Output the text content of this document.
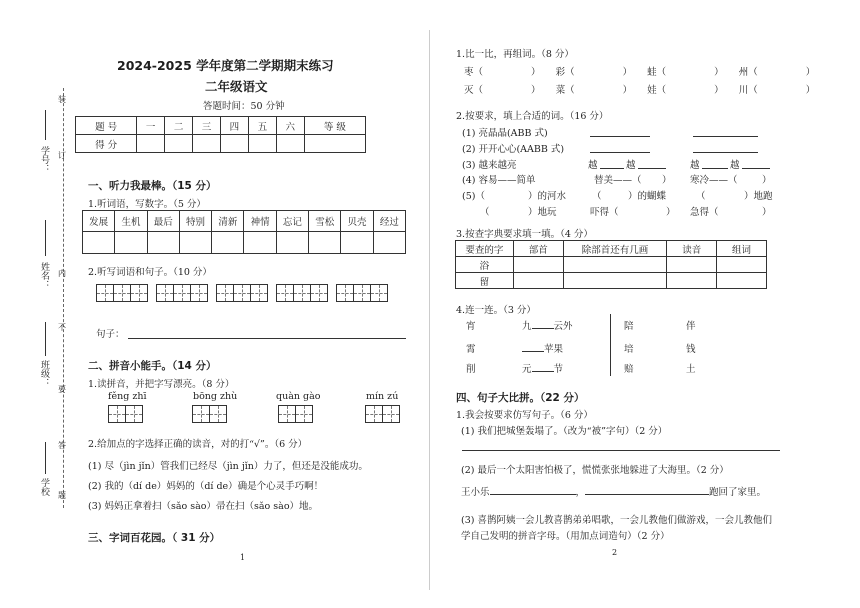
装
订
内
不
要
答
题
学号：
姓名：
班级：
学校
2024-2025 学年度第二学期期末练习
二年级语文
答题时间：50 分钟
题 号	一	二	三	四	五	六	等 级
得 分							
一、听力我最棒。（15 分）
1.听词语，写数字。（5 分）
发展	生机	最后	特别	清新	神情	忘记	雪松	贝壳	经过

2.听写词语和句子。（10 分）
句子：
二、拼音小能手。（14 分）
1.读拼音，并把字写漂亮。（8 分）
fěng zhī	bōng zhù	quàn gào	mín zú
2.给加点的字选择正确的读音，对的打“√”。（6 分）
(1) 尽（jìn jǐn）管我们已经尽（jìn jǐn）力了，但还是没能成功。
(2) 我的（dí de）妈妈的（dí de）确是个心灵手巧啊！
(3) 妈妈正拿着扫（sǎo sào）帚在扫（sǎo sào）地。
三、字词百花园。（ 31 分）
1
1.比一比，再组词。（8 分）
枣（	） 彩（	） 蛙（	） 州（	）
灭（	） 菜（	） 娃（	） 川（	）
2.按要求，填上合适的词。（16 分）
(1) 亮晶晶(ABB 式)
(2) 开开心心(AABB 式)
(3) 越来越亮	越	越	越	越
(4) 容易——简单	替美——（ ） 寒冷——（	）
(5)（	）的河水	（	）的蝴蝶	（	）地跑
（	）地玩	吓得（	） 急得（	）
3.按查字典要求填一填。（4 分）
要查的字	部首	除部首还有几画	读音	组词
浴				
留				
4.连一连。（3 分）
宵	九 云外
霄	苹果
削	元 节
陪	伴
培	钱
赔	土
四、句子大比拼。（22 分）
1.我会按要求仿写句子。（6 分）
(1) 我们把城堡轰塌了。（改为“被”字句）（2 分）
(2) 最后一个太阳害怕极了，慌慌张张地躲进了大海里。（2 分）
王小乐	，	跑回了家里。
(3) 喜鹊阿姨一会儿教喜鹊弟弟唱歌，一会儿教他们做游戏，一会儿教他们
学自己发明的拼音字母。（用加点词造句）（2 分）
2
